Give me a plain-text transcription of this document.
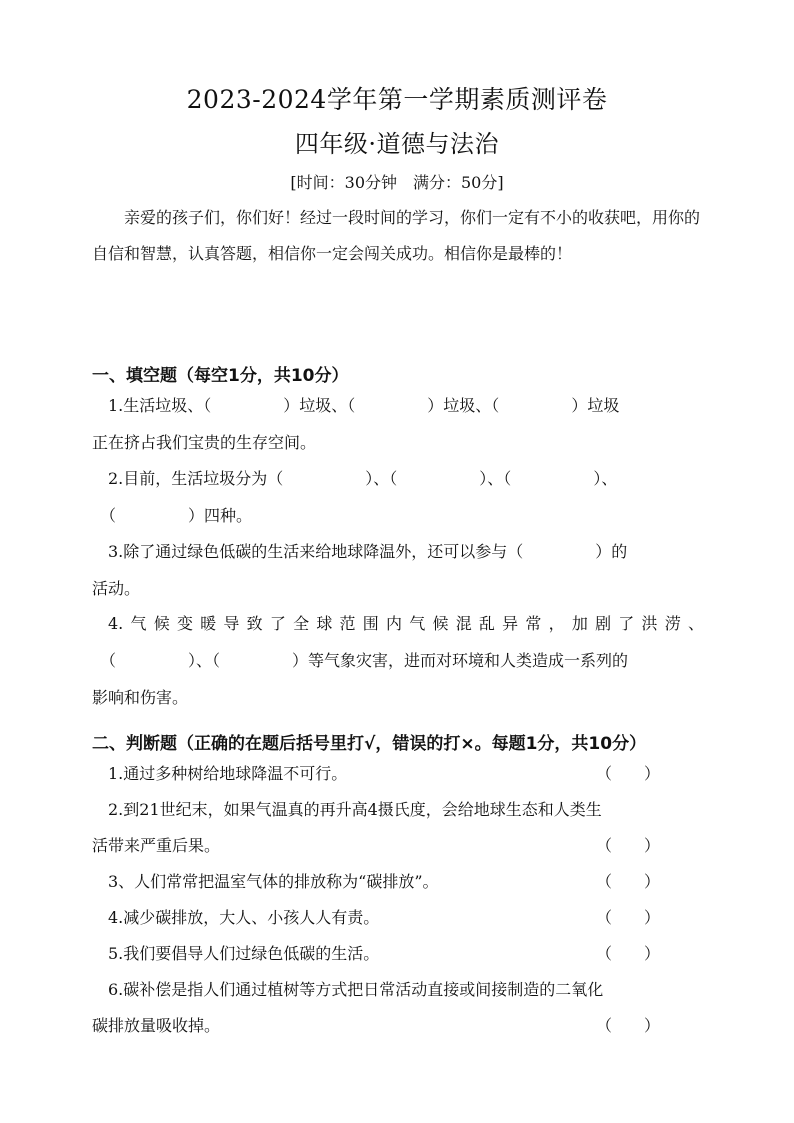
2023-2024学年第一学期素质测评卷
四年级·道德与法治
[时间：30分钟　满分：50分]
亲爱的孩子们，你们好！经过一段时间的学习，你们一定有不小的收获吧，用你的自信和智慧，认真答题，相信你一定会闯关成功。相信你是最棒的！
一、填空题（每空1分，共10分）
1.生活垃圾、（	）垃圾、（	）垃圾、（	）垃圾
正在挤占我们宝贵的生存空间。
2.目前，生活垃圾分为（	）、（	）、（	）、
（	）四种。
3.除了通过绿色低碳的生活来给地球降温外，还可以参与（	）的
活动。
4.气候变暖导致了全球范围内气候混乱异常，加剧了洪涝、
（	）、（	）等气象灾害，进而对环境和人类造成一系列的
影响和伤害。
二、判断题（正确的在题后括号里打√，错误的打×。每题1分，共10分）
1.通过多种树给地球降温不可行。	（　　）
2.到21世纪末，如果气温真的再升高4摄氏度，会给地球生态和人类生
活带来严重后果。	（　　）
3、人们常常把温室气体的排放称为“碳排放”。	（　　）
4.减少碳排放，大人、小孩人人有责。	（　　）
5.我们要倡导人们过绿色低碳的生活。	（　　）
6.碳补偿是指人们通过植树等方式把日常活动直接或间接制造的二氧化
碳排放量吸收掉。	（　　）
